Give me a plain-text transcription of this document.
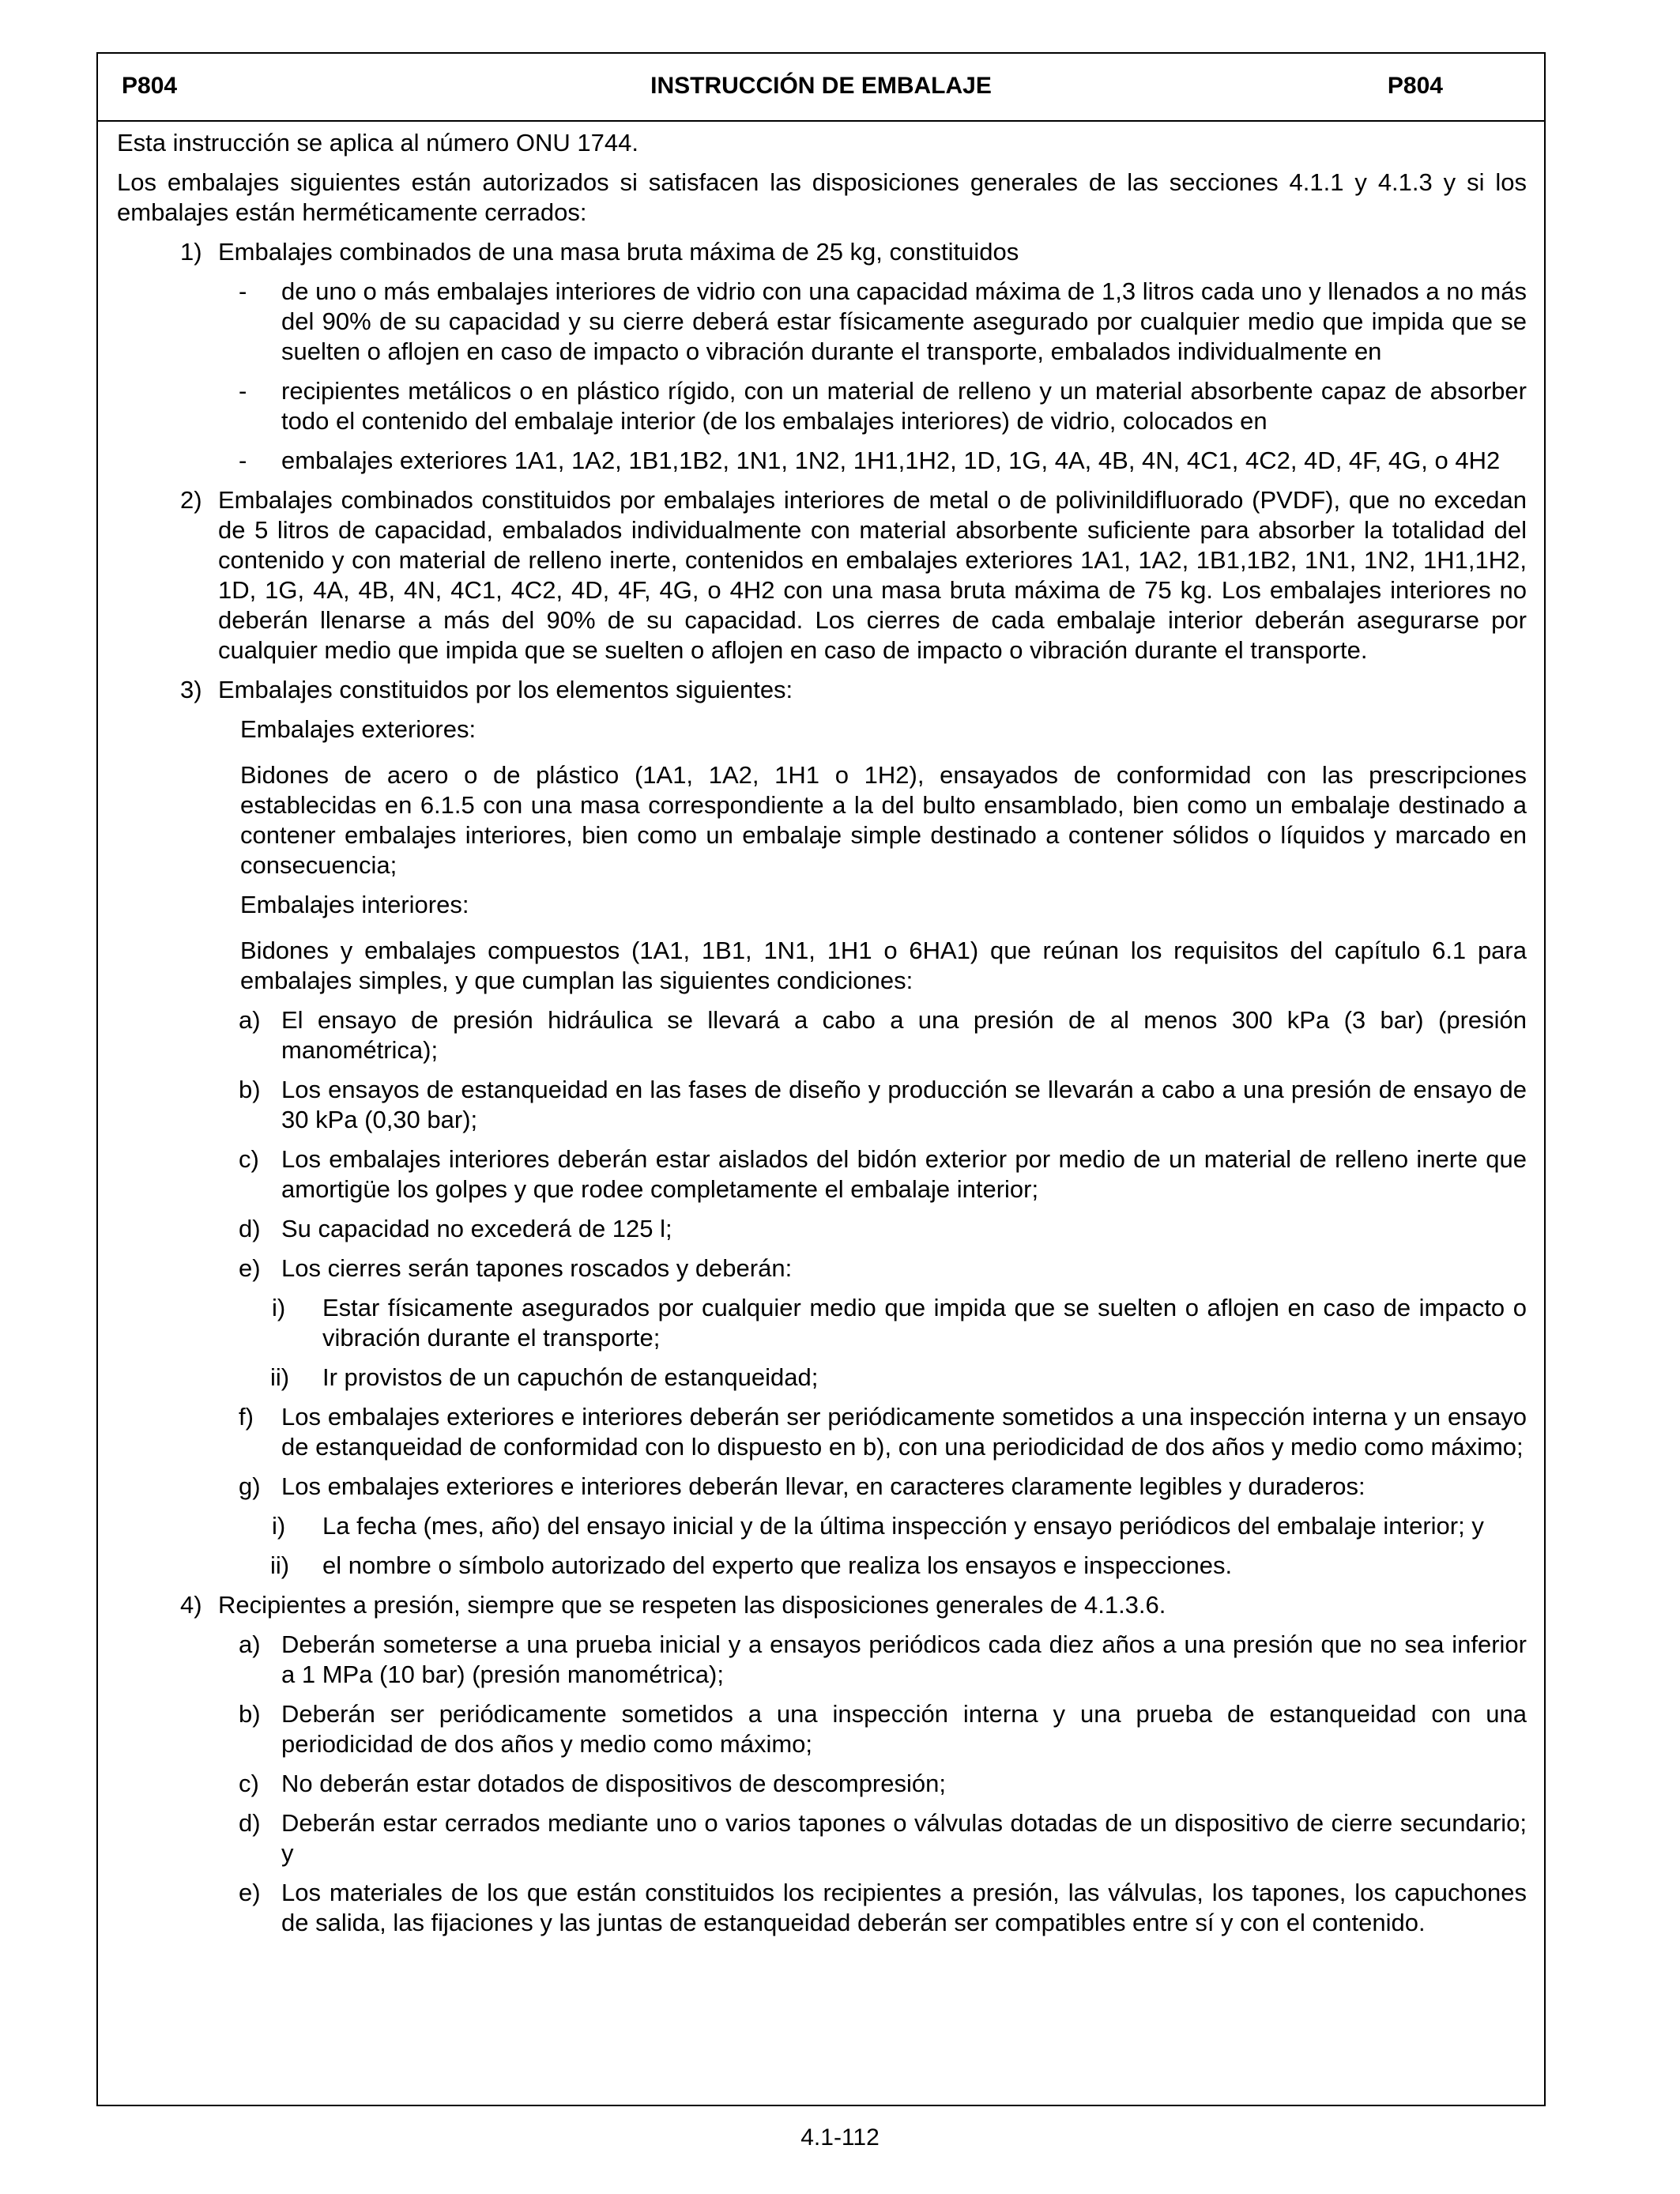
P804	INSTRUCCIÓN DE EMBALAJE	P804

Esta instrucción se aplica al número ONU 1744.

Los embalajes siguientes están autorizados si satisfacen las disposiciones generales de las secciones 4.1.1 y 4.1.3 y si los embalajes están herméticamente cerrados:

1) Embalajes combinados de una masa bruta máxima de 25 kg, constituidos
-	de uno o más embalajes interiores de vidrio con una capacidad máxima de 1,3 litros cada uno y llenados a no más del 90% de su capacidad y su cierre deberá estar físicamente asegurado por cualquier medio que impida que se suelten o aflojen en caso de impacto o vibración durante el transporte, embalados individualmente en
-	recipientes metálicos o en plástico rígido, con un material de relleno y un material absorbente capaz de absorber todo el contenido del embalaje interior (de los embalajes interiores) de vidrio, colocados en
-	embalajes exteriores 1A1, 1A2, 1B1,1B2, 1N1, 1N2, 1H1,1H2, 1D, 1G, 4A, 4B, 4N, 4C1, 4C2, 4D, 4F, 4G, o 4H2
2) Embalajes combinados constituidos por embalajes interiores de metal o de polivinildifluorado (PVDF), que no excedan de 5 litros de capacidad, embalados individualmente con material absorbente suficiente para absorber la totalidad del contenido y con material de relleno inerte, contenidos en embalajes exteriores 1A1, 1A2, 1B1,1B2, 1N1, 1N2, 1H1,1H2, 1D, 1G, 4A, 4B, 4N, 4C1, 4C2, 4D, 4F, 4G, o 4H2 con una masa bruta máxima de 75 kg. Los embalajes interiores no deberán llenarse a más del 90% de su capacidad. Los cierres de cada embalaje interior deberán asegurarse por cualquier medio que impida que se suelten o aflojen en caso de impacto o vibración durante el transporte.
3) Embalajes constituidos por los elementos siguientes:

Embalajes exteriores:

Bidones de acero o de plástico (1A1, 1A2, 1H1 o 1H2), ensayados de conformidad con las prescripciones establecidas en 6.1.5 con una masa correspondiente a la del bulto ensamblado, bien como un embalaje destinado a contener embalajes interiores, bien como un embalaje simple destinado a contener sólidos o líquidos y marcado en consecuencia;

Embalajes interiores:

Bidones y embalajes compuestos (1A1, 1B1, 1N1, 1H1 o 6HA1) que reúnan los requisitos del capítulo 6.1 para embalajes simples, y que cumplan las siguientes condiciones:

a) El ensayo de presión hidráulica se llevará a cabo a una presión de al menos 300 kPa (3 bar) (presión manométrica);
b) Los ensayos de estanqueidad en las fases de diseño y producción se llevarán a cabo a una presión de ensayo de 30 kPa (0,30 bar);
c) Los embalajes interiores deberán estar aislados del bidón exterior por medio de un material de relleno inerte que amortigüe los golpes y que rodee completamente el embalaje interior;
d) Su capacidad no excederá de 125 l;
e) Los cierres serán tapones roscados y deberán:
i)	Estar físicamente asegurados por cualquier medio que impida que se suelten o aflojen en caso de impacto o vibración durante el transporte;
ii)	Ir provistos de un capuchón de estanqueidad;
f)	Los embalajes exteriores e interiores deberán ser periódicamente sometidos a una inspección interna y un ensayo de estanqueidad de conformidad con lo dispuesto en b), con una periodicidad de dos años y medio como máximo;
g) Los embalajes exteriores e interiores deberán llevar, en caracteres claramente legibles y duraderos:
i)	La fecha (mes, año) del ensayo inicial y de la última inspección y ensayo periódicos del embalaje interior; y
ii)	el nombre o símbolo autorizado del experto que realiza los ensayos e inspecciones.
4) Recipientes a presión, siempre que se respeten las disposiciones generales de 4.1.3.6.
a) Deberán someterse a una prueba inicial y a ensayos periódicos cada diez años a una presión que no sea inferior a 1 MPa (10 bar) (presión manométrica);
b) Deberán ser periódicamente sometidos a una inspección interna y una prueba de estanqueidad con una periodicidad de dos años y medio como máximo;
c) No deberán estar dotados de dispositivos de descompresión;
d) Deberán estar cerrados mediante uno o varios tapones o válvulas dotadas de un dispositivo de cierre secundario; y
e) Los materiales de los que están constituidos los recipientes a presión, las válvulas, los tapones, los capuchones de salida, las fijaciones y las juntas de estanqueidad deberán ser compatibles entre sí y con el contenido.
4.1-112
